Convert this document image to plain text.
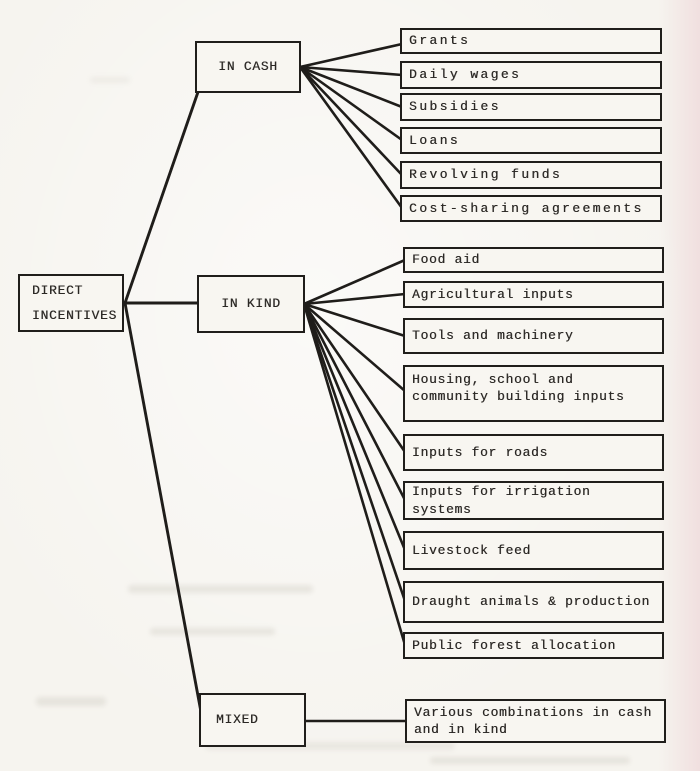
DIRECT
INCENTIVES
IN CASH
IN KIND
MIXED
Grants
Daily wages
Subsidies
Loans
Revolving funds
Cost-sharing agreements
Food aid
Agricultural inputs
Tools and machinery
Housing, school and community building inputs
Inputs for roads
Inputs for irrigation systems
Livestock feed
Draught animals & production
Public forest allocation
Various combinations in cash and in kind
